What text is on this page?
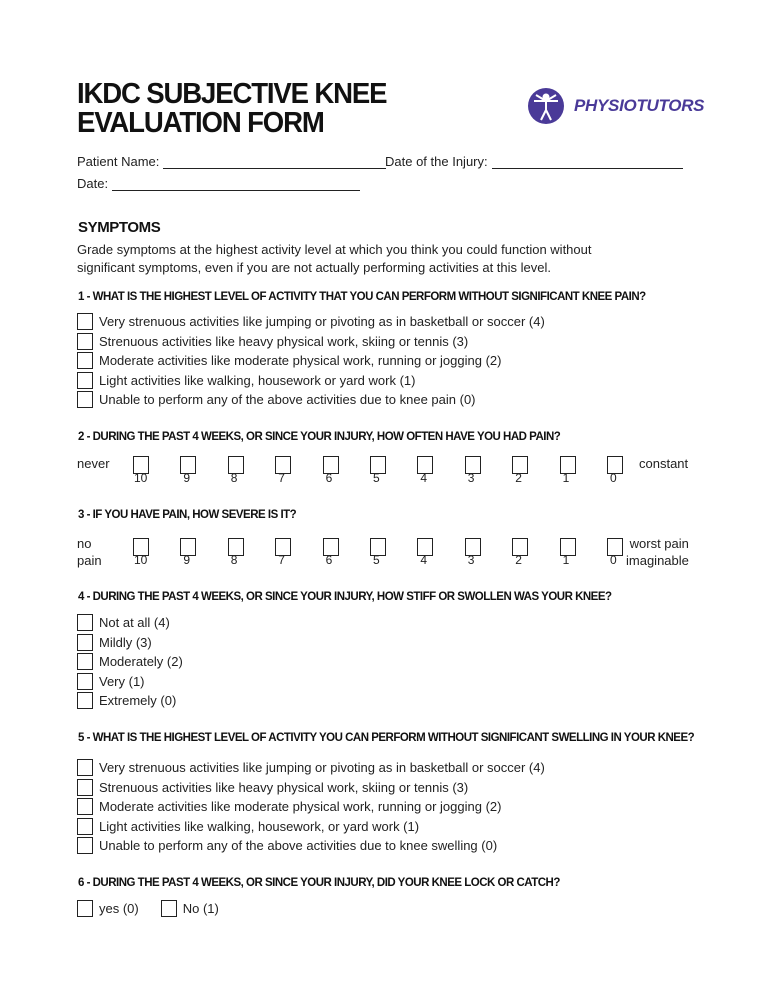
IKDC SUBJECTIVE KNEE
EVALUATION FORM
PHYSIOTUTORS
Patient Name:	Date of the Injury:
Date:
SYMPTOMS
Grade symptoms at the highest activity level at which you think you could function without significant symptoms, even if you are not actually performing activities at this level.
1 - WHAT IS THE HIGHEST LEVEL OF ACTIVITY THAT YOU CAN PERFORM WITHOUT SIGNIFICANT KNEE PAIN?
Very strenuous activities like jumping or pivoting as in basketball or soccer (4)
Strenuous activities like heavy physical work, skiing or tennis (3)
Moderate activities like moderate physical work, running or jogging (2)
Light activities like walking, housework or yard work (1)
Unable to perform any of the above activities due to knee pain (0)
2 - DURING THE PAST 4 WEEKS, OR SINCE YOUR INJURY, HOW OFTEN HAVE YOU HAD PAIN?
never	constant
10	9	8	7	6	5	4	3	2	1	0
3 - IF YOU HAVE PAIN, HOW SEVERE IS IT?
no
pain
worst pain
imaginable
10	9	8	7	6	5	4	3	2	1	0
4 - DURING THE PAST 4 WEEKS, OR SINCE YOUR INJURY, HOW STIFF OR SWOLLEN WAS YOUR KNEE?
Not at all (4)
Mildly (3)
Moderately (2)
Very (1)
Extremely (0)
5 - WHAT IS THE HIGHEST LEVEL OF ACTIVITY YOU CAN PERFORM WITHOUT SIGNIFICANT SWELLING IN YOUR KNEE?
Very strenuous activities like jumping or pivoting as in basketball or soccer (4)
Strenuous activities like heavy physical work, skiing or tennis (3)
Moderate activities like moderate physical work, running or jogging (2)
Light activities like walking, housework, or yard work (1)
Unable to perform any of the above activities due to knee swelling (0)
6 - DURING THE PAST 4 WEEKS, OR SINCE YOUR INJURY, DID YOUR KNEE LOCK OR CATCH?
yes (0)	No (1)
